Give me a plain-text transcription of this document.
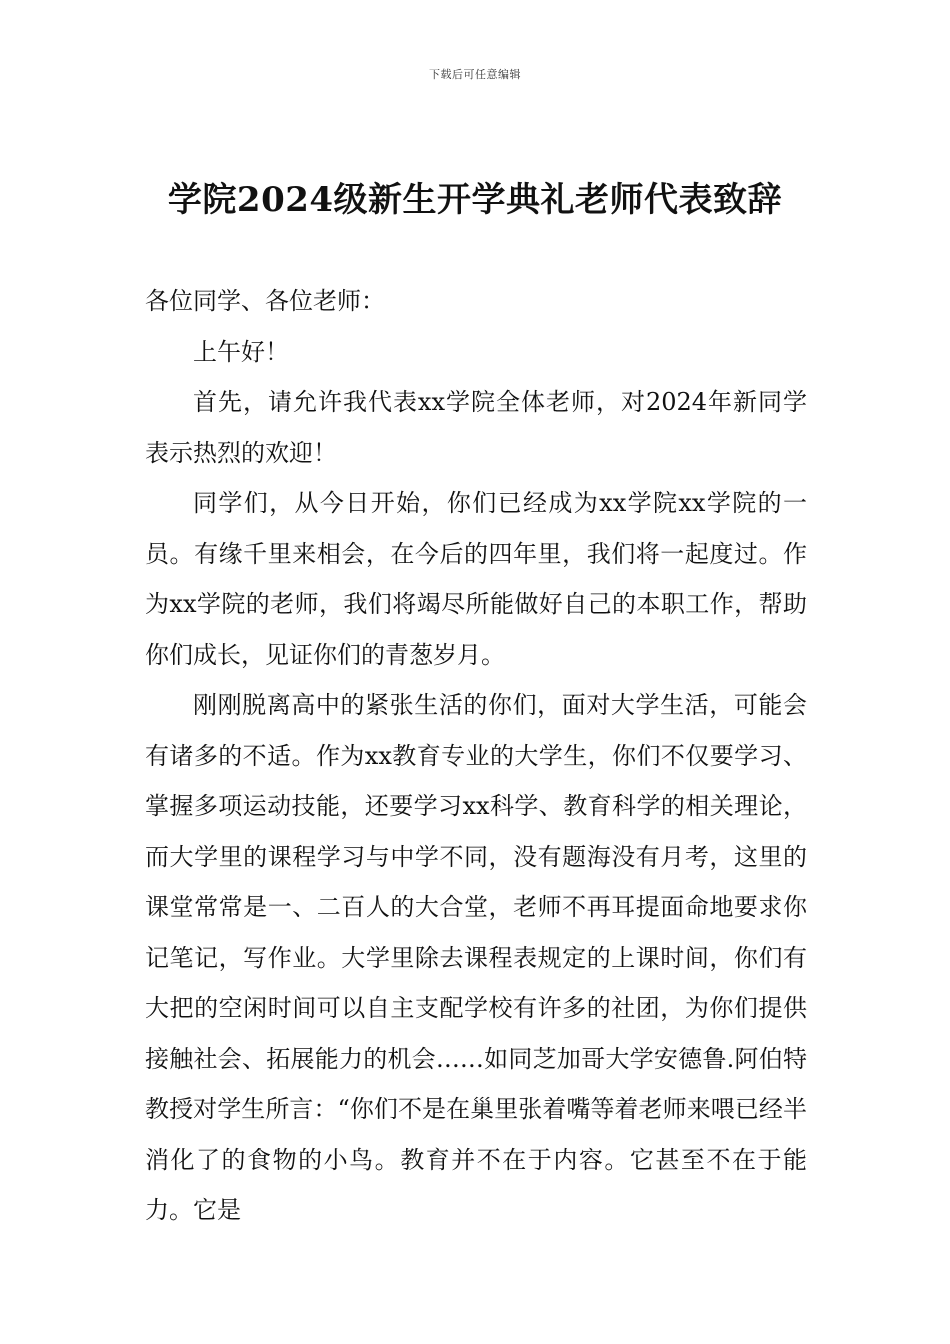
下载后可任意编辑
学院2024级新生开学典礼老师代表致辞

各位同学、各位老师：

上午好！

首先，请允许我代表xx学院全体老师，对2024年新同学表示热烈的欢迎！

同学们，从今日开始，你们已经成为xx学院xx学院的一员。有缘千里来相会，在今后的四年里，我们将一起度过。作为xx学院的老师，我们将竭尽所能做好自己的本职工作，帮助你们成长，见证你们的青葱岁月。

刚刚脱离高中的紧张生活的你们，面对大学生活，可能会有诸多的不适。作为xx教育专业的大学生，你们不仅要学习、掌握多项运动技能，还要学习xx科学、教育科学的相关理论，而大学里的课程学习与中学不同，没有题海没有月考，这里的课堂常常是一、二百人的大合堂，老师不再耳提面命地要求你记笔记，写作业。大学里除去课程表规定的上课时间，你们有大把的空闲时间可以自主支配学校有许多的社团，为你们提供接触社会、拓展能力的机会……如同芝加哥大学安德鲁.阿伯特教授对学生所言：“你们不是在巢里张着嘴等着老师来喂已经半消化了的食物的小鸟。教育并不在于内容。它甚至不在于能力。它是
